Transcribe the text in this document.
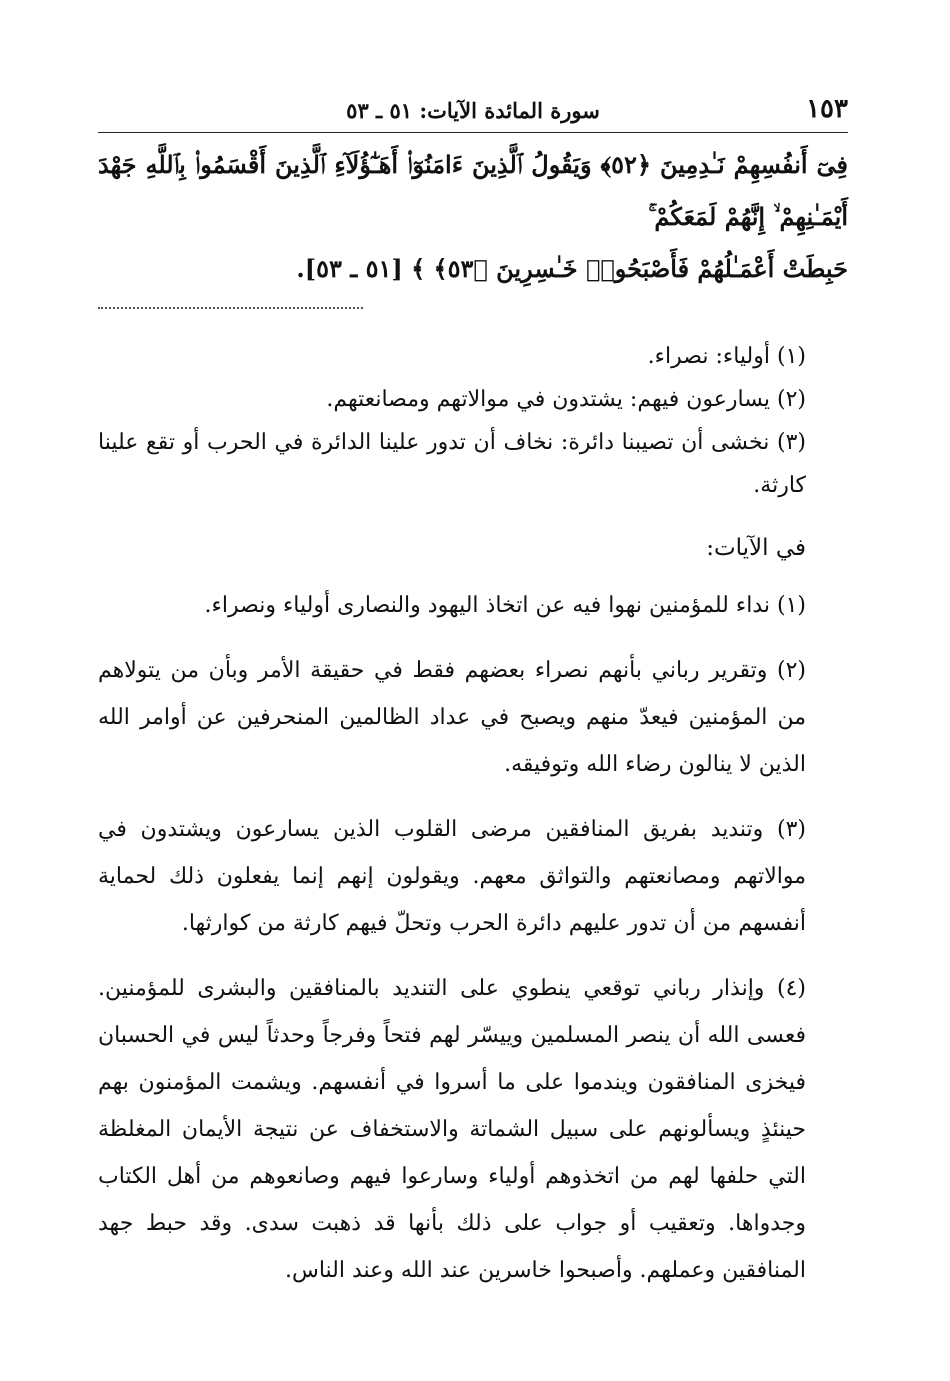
١٥٣
سورة المائدة الآيات: ٥١ ـ ٥٣
فِىٓ أَنفُسِهِمْ نَـٰدِمِينَ ﴿٥٢﴾ وَيَقُولُ ٱلَّذِينَ ءَامَنُوٓا۟ أَهَـٰٓؤُلَآءِ ٱلَّذِينَ أَقْسَمُوا۟ بِٱللَّهِ جَهْدَ أَيْمَـٰنِهِمْ ۙ إِنَّهُمْ لَمَعَكُمْ ۚ
حَبِطَتْ أَعْمَـٰلُهُمْ فَأَصْبَحُوا۟ خَـٰسِرِينَ ﴿٥٣﴾ ﴾ [٥١ ـ ٥٣].

(١) أولياء: نصراء.

(٢) يسارعون فيهم: يشتدون في موالاتهم ومصانعتهم.

(٣) نخشى أن تصيبنا دائرة: نخاف أن تدور علينا الدائرة في الحرب أو تقع علينا كارثة.

في الآيات:

(١) نداء للمؤمنين نهوا فيه عن اتخاذ اليهود والنصارى أولياء ونصراء.

(٢) وتقرير رباني بأنهم نصراء بعضهم فقط في حقيقة الأمر وبأن من يتولاهم من المؤمنين فيعدّ منهم ويصبح في عداد الظالمين المنحرفين عن أوامر الله الذين لا ينالون رضاء الله وتوفيقه.

(٣) وتنديد بفريق المنافقين مرضى القلوب الذين يسارعون ويشتدون في موالاتهم ومصانعتهم والتواثق معهم. ويقولون إنهم إنما يفعلون ذلك لحماية أنفسهم من أن تدور عليهم دائرة الحرب وتحلّ فيهم كارثة من كوارثها.

(٤) وإنذار رباني توقعي ينطوي على التنديد بالمنافقين والبشرى للمؤمنين. فعسى الله أن ينصر المسلمين وييسّر لهم فتحاً وفرجاً وحدثاً ليس في الحسبان فيخزى المنافقون ويندموا على ما أسروا في أنفسهم. ويشمت المؤمنون بهم حينئذٍ ويسألونهم على سبيل الشماتة والاستخفاف عن نتيجة الأيمان المغلظة التي حلفها لهم من اتخذوهم أولياء وسارعوا فيهم وصانعوهم من أهل الكتاب وجدواها. وتعقيب أو جواب على ذلك بأنها قد ذهبت سدى. وقد حبط جهد المنافقين وعملهم. وأصبحوا خاسرين عند الله وعند الناس.
